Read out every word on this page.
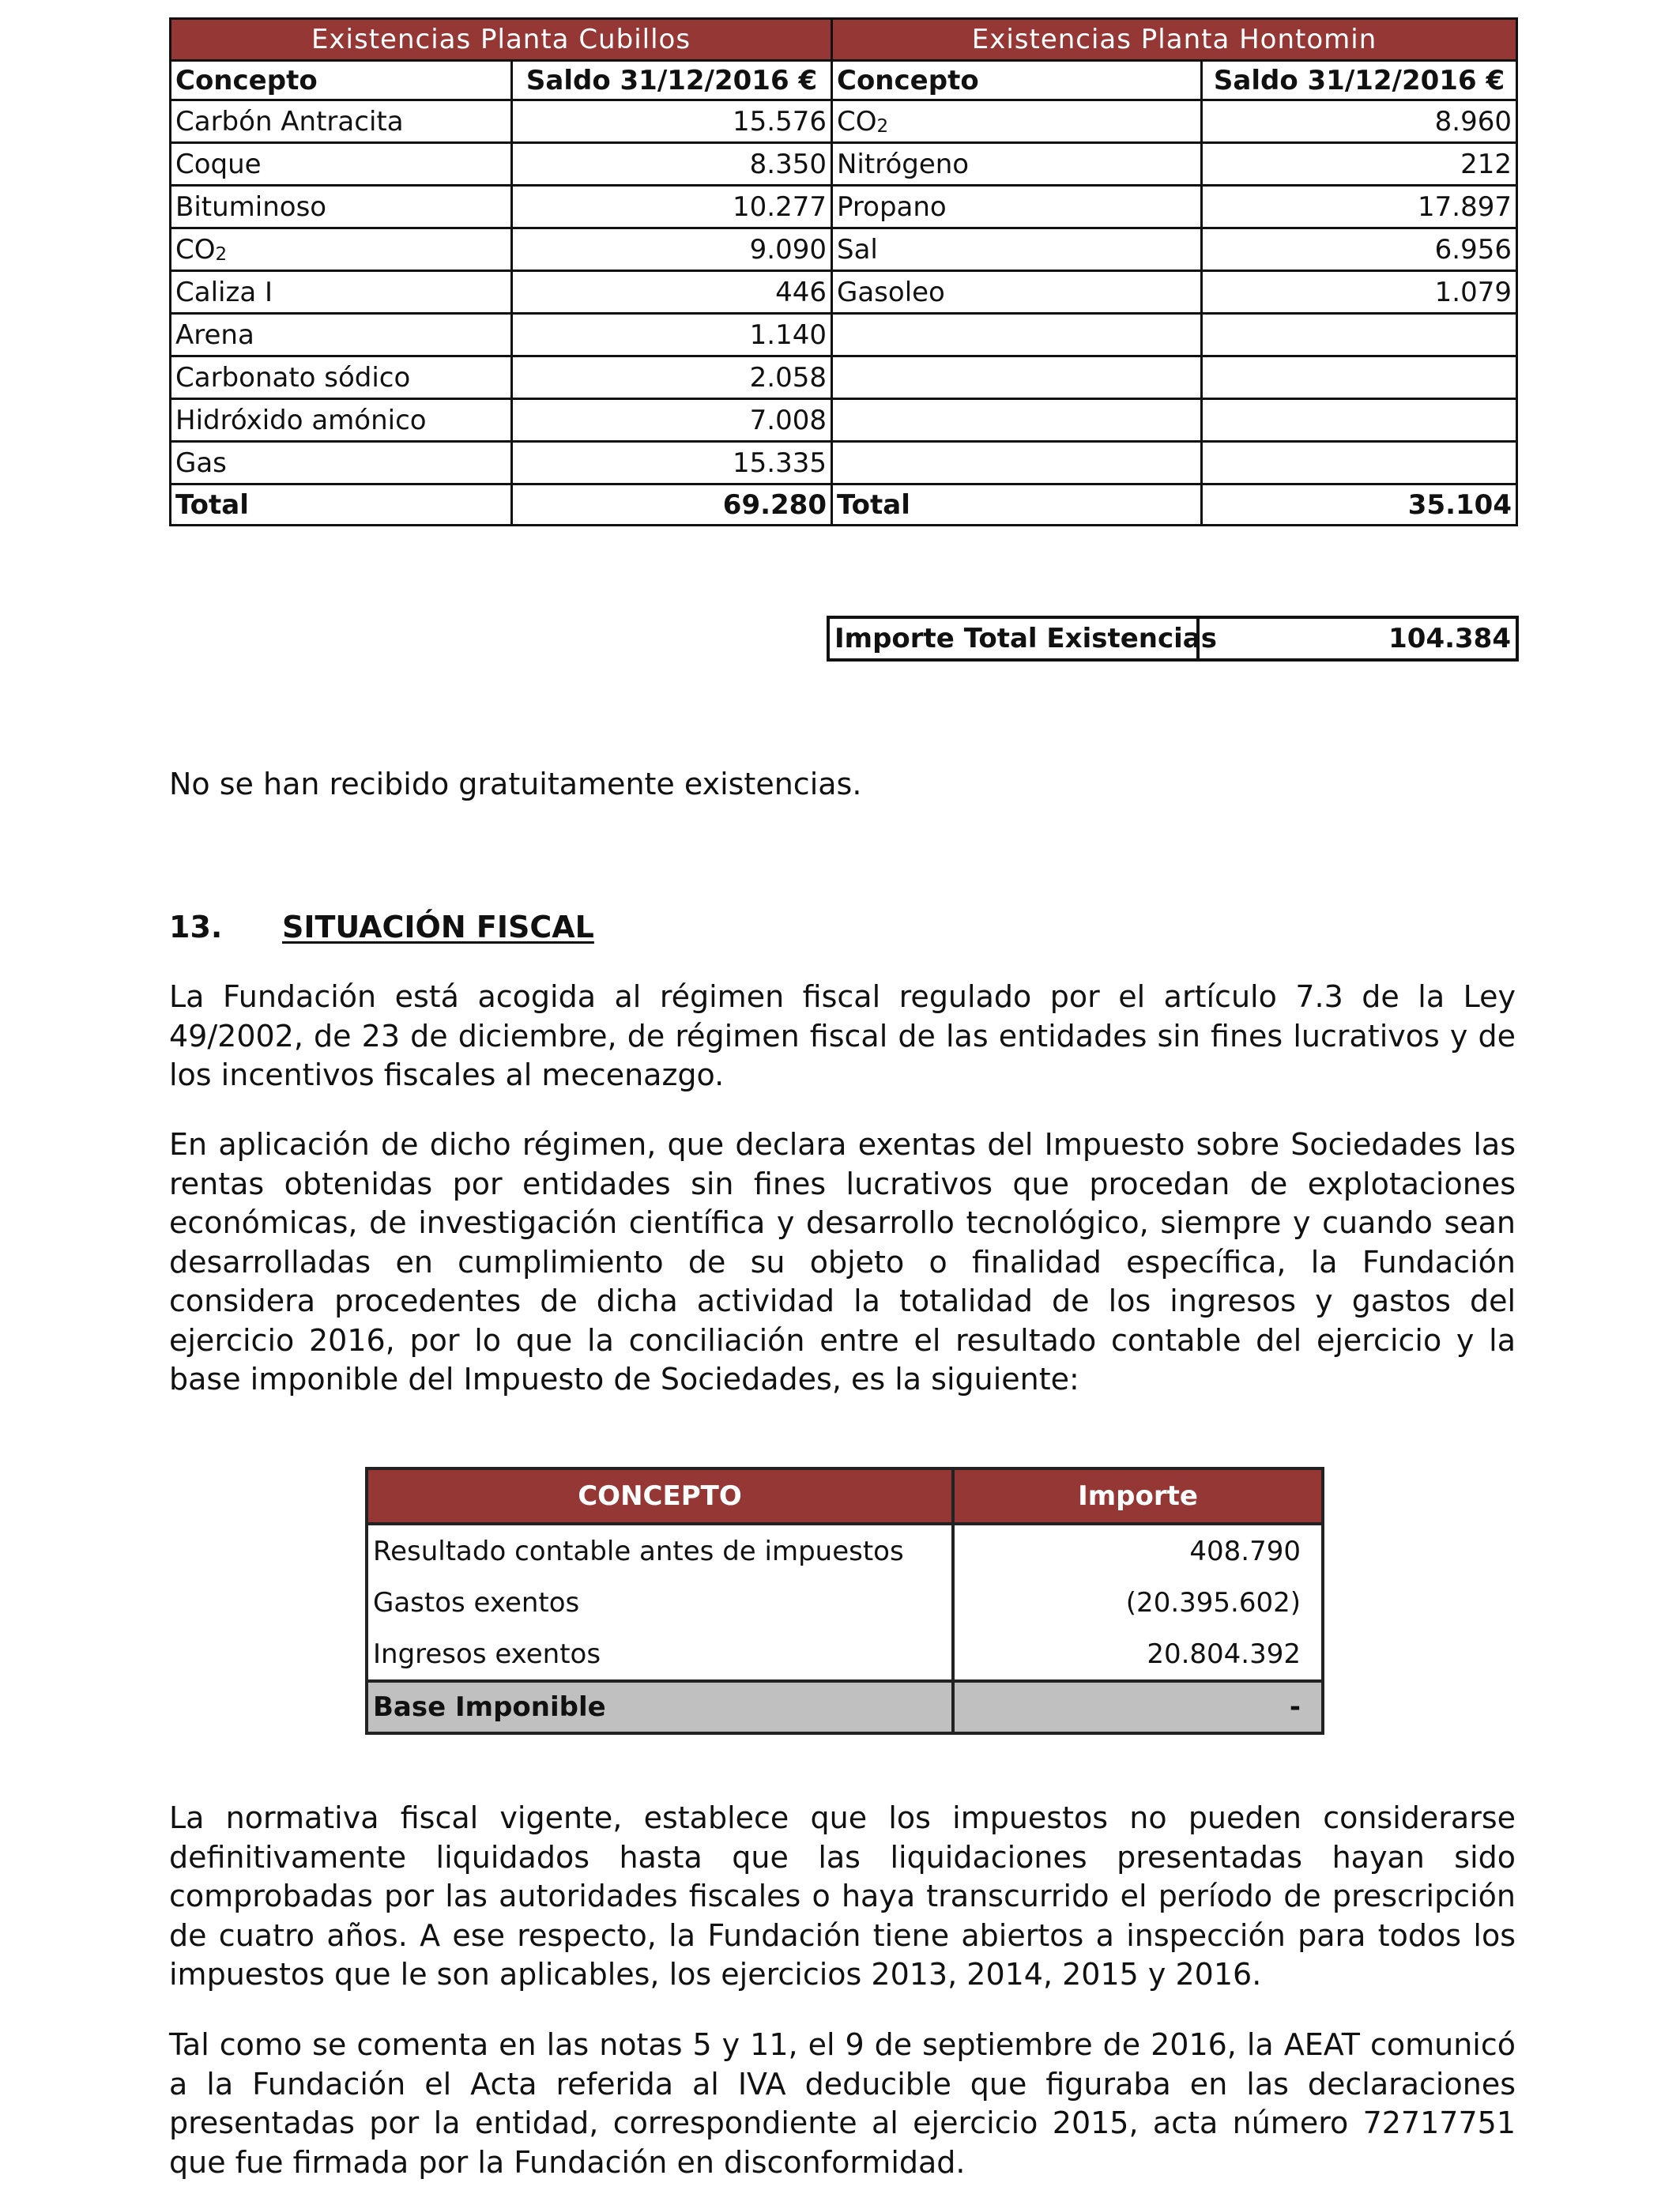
Existencias Planta Cubillos		Existencias Planta Hontomin	
Concepto	Saldo 31/12/2016 €	Concepto	Saldo 31/12/2016 €
Carbón Antracita	15.576	$CO_2$	8.960
Coque	8.350	Nitrógeno	212
Bituminoso	10.277	Propano	17.897
$CO_2$	9.090	Sal	6.956
Caliza I	446	Gasoleo	1.079
Arena	1.140		
Carbonato sódico	2.058		
Hidróxido amónico	7.008		
Gas	15.335		
Total	69.280	Total	35.104
Importe Total Existencias	104.384

No se han recibido gratuitamente existencias.

13. SITUACIÓN FISCAL

La Fundación está acogida al régimen fiscal regulado por el artículo 7.3 de la Ley 49/2002, de 23 de diciembre, de régimen fiscal de las entidades sin fines lucrativos y de los incentivos fiscales al mecenazgo.

En aplicación de dicho régimen, que declara exentas del Impuesto sobre Sociedades las rentas obtenidas por entidades sin fines lucrativos que procedan de explotaciones económicas, de investigación científica y desarrollo tecnológico, siempre y cuando sean desarrolladas en cumplimiento de su objeto o finalidad específica, la Fundación considera procedentes de dicha actividad la totalidad de los ingresos y gastos del ejercicio 2016, por lo que la conciliación entre el resultado contable del ejercicio y la base imponible del Impuesto de Sociedades, es la siguiente:

CONCEPTO	Importe
Resultado contable antes de impuestos	408.790
Gastos exentos	(20.395.602)
Ingresos exentos	20.804.392
Base Imponible	-

La normativa fiscal vigente, establece que los impuestos no pueden considerarse definitivamente liquidados hasta que las liquidaciones presentadas hayan sido comprobadas por las autoridades fiscales o haya transcurrido el período de prescripción de cuatro años. A ese respecto, la Fundación tiene abiertos a inspección para todos los impuestos que le son aplicables, los ejercicios 2013, 2014, 2015 y 2016.

Tal como se comenta en las notas 5 y 11, el 9 de septiembre de 2016, la AEAT comunicó a la Fundación el Acta referida al IVA deducible que figuraba en las declaraciones presentadas por la entidad, correspondiente al ejercicio 2015, acta número 72717751 que fue firmada por la Fundación en disconformidad.
